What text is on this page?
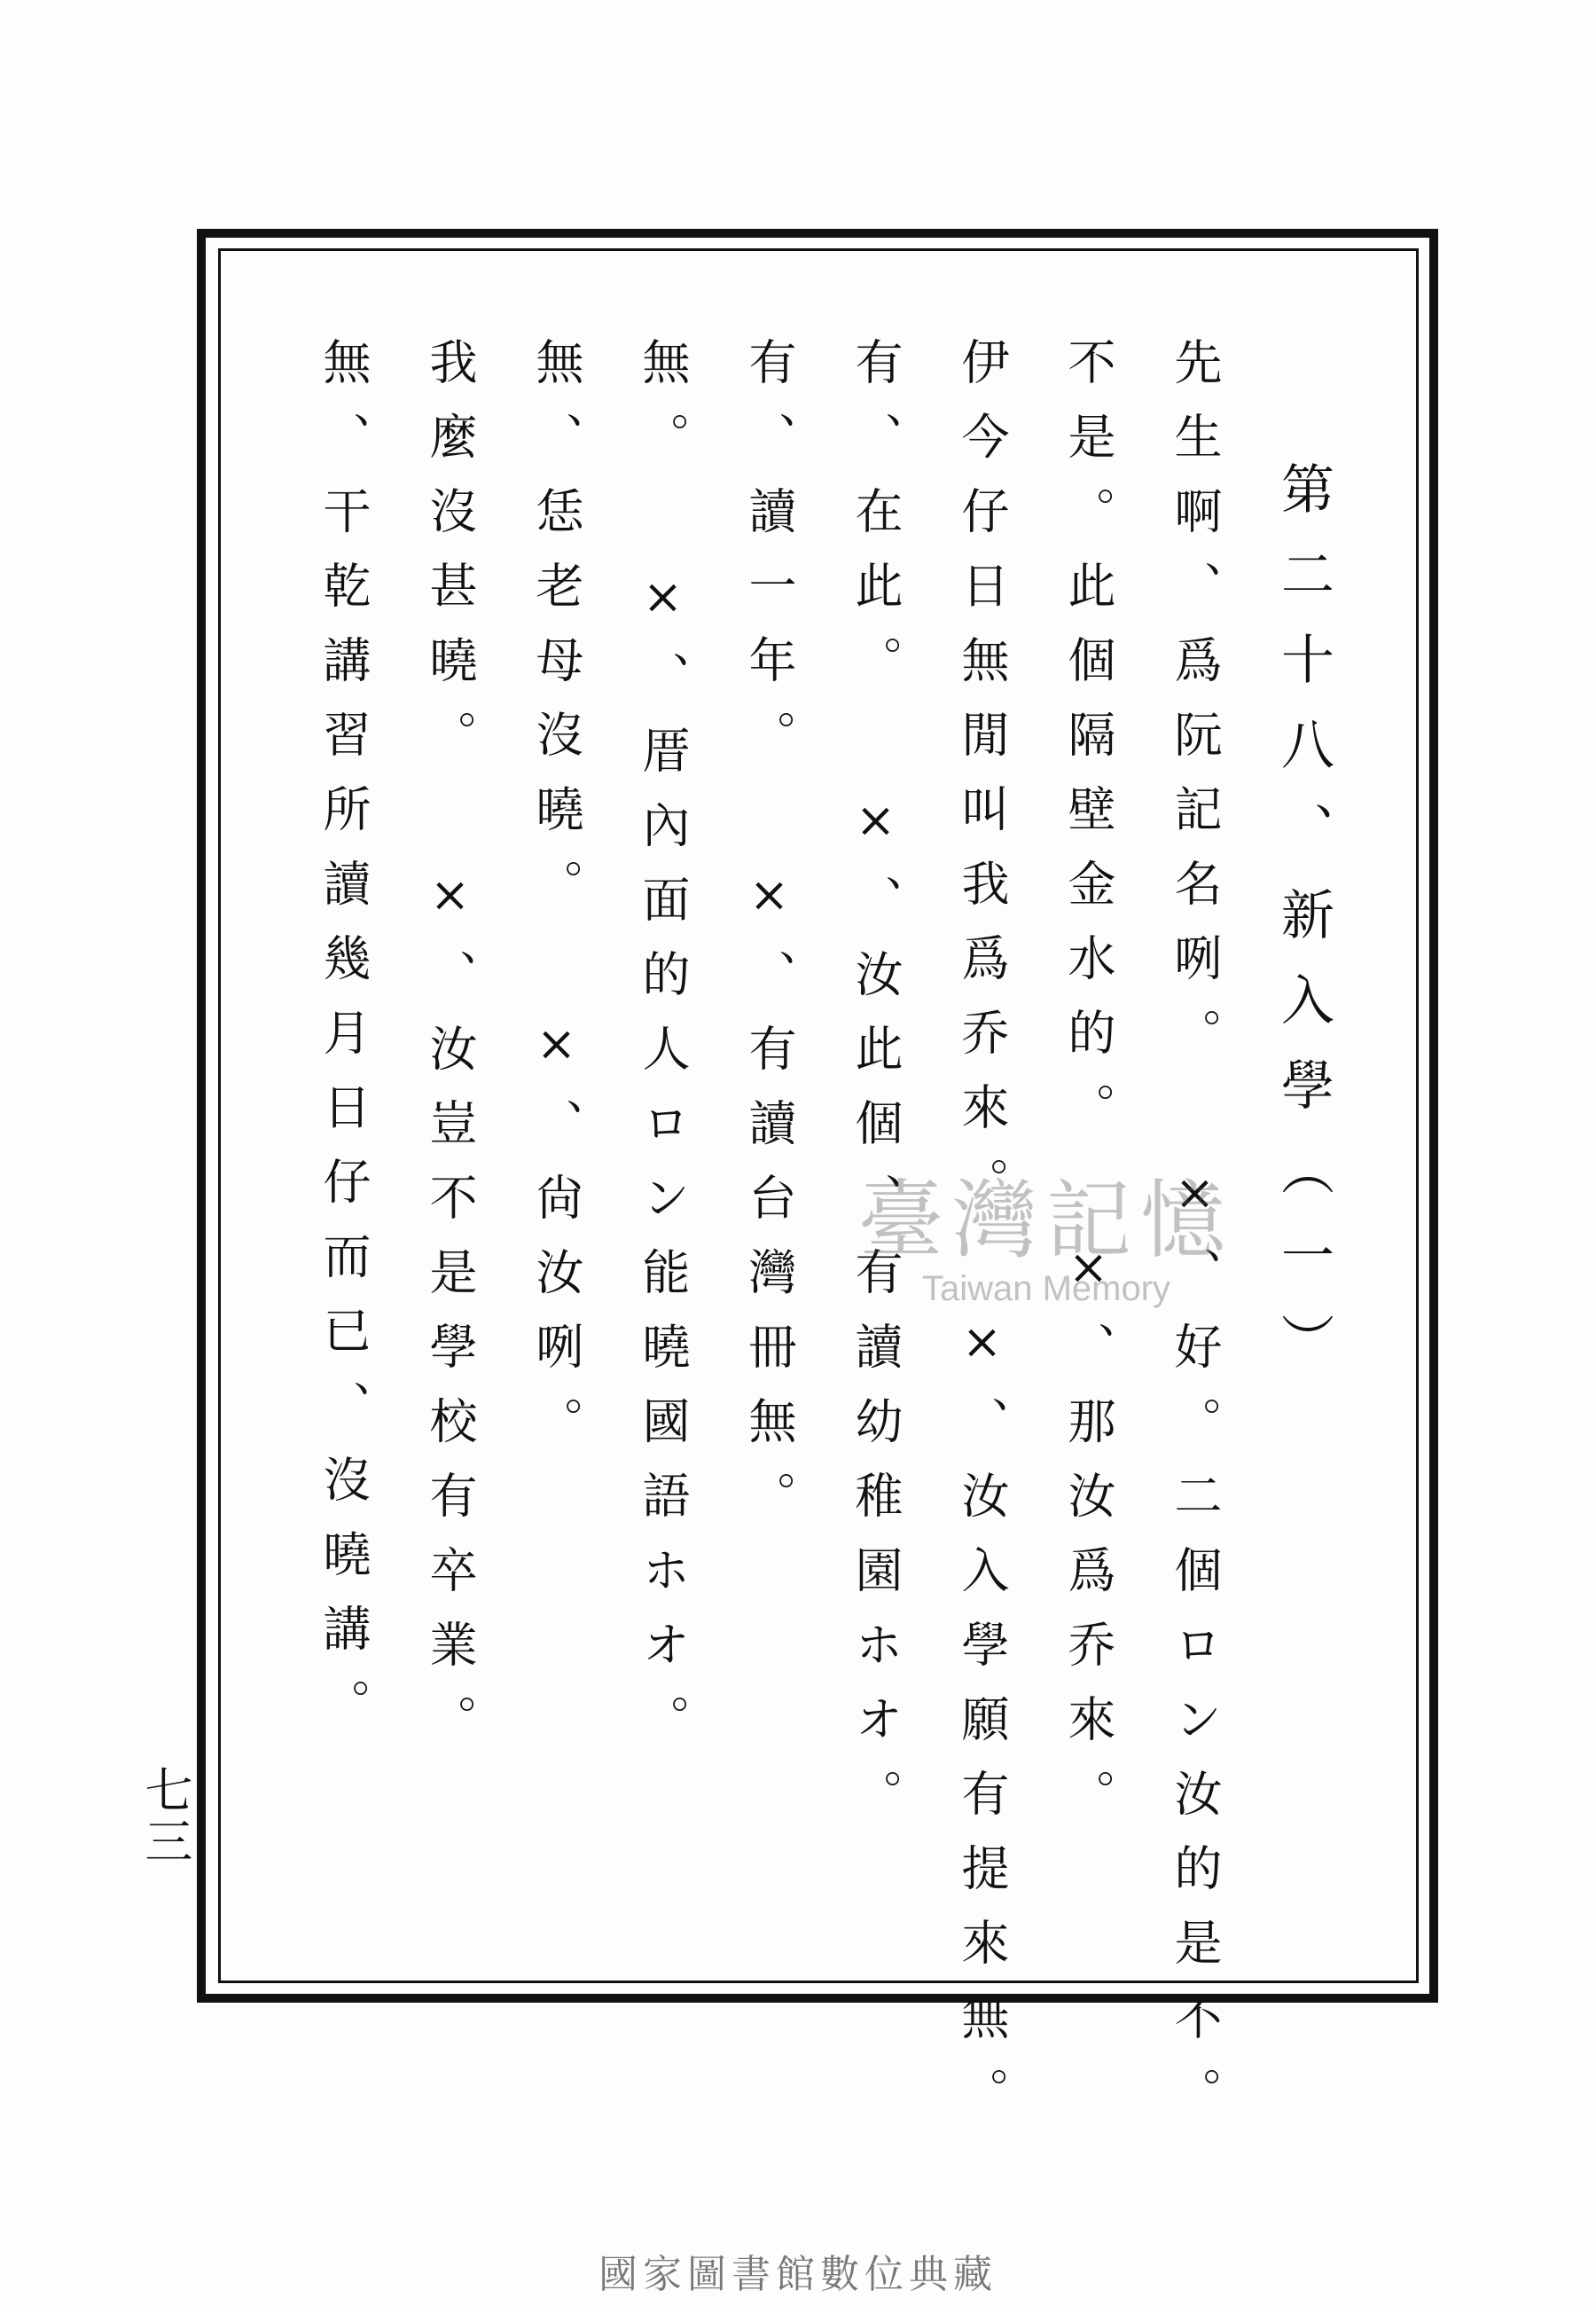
第二十八、新入學（一）
先生啊、爲阮記名咧。 ×、好。二個ロン汝的是不。
不是。此個隔壁金水的。 ×、那汝爲乔來。
伊今仔日無閒叫我爲乔來。 ×、汝入學願有提來無。
有、在此。 ×、汝此個、有讀幼稚園ホオ。
有、讀一年。 ×、有讀台灣冊無。
無。 ×、厝內面的人ロン能曉國語ホオ。
無、恁老母沒曉。 ×、尙汝咧。
我麼沒甚曉。 ×、汝豈不是學校有卒業。
無、干乾講習所讀幾月日仔而已、沒曉講。
七三
臺灣記憶
Taiwan Memory
國家圖書館數位典藏
